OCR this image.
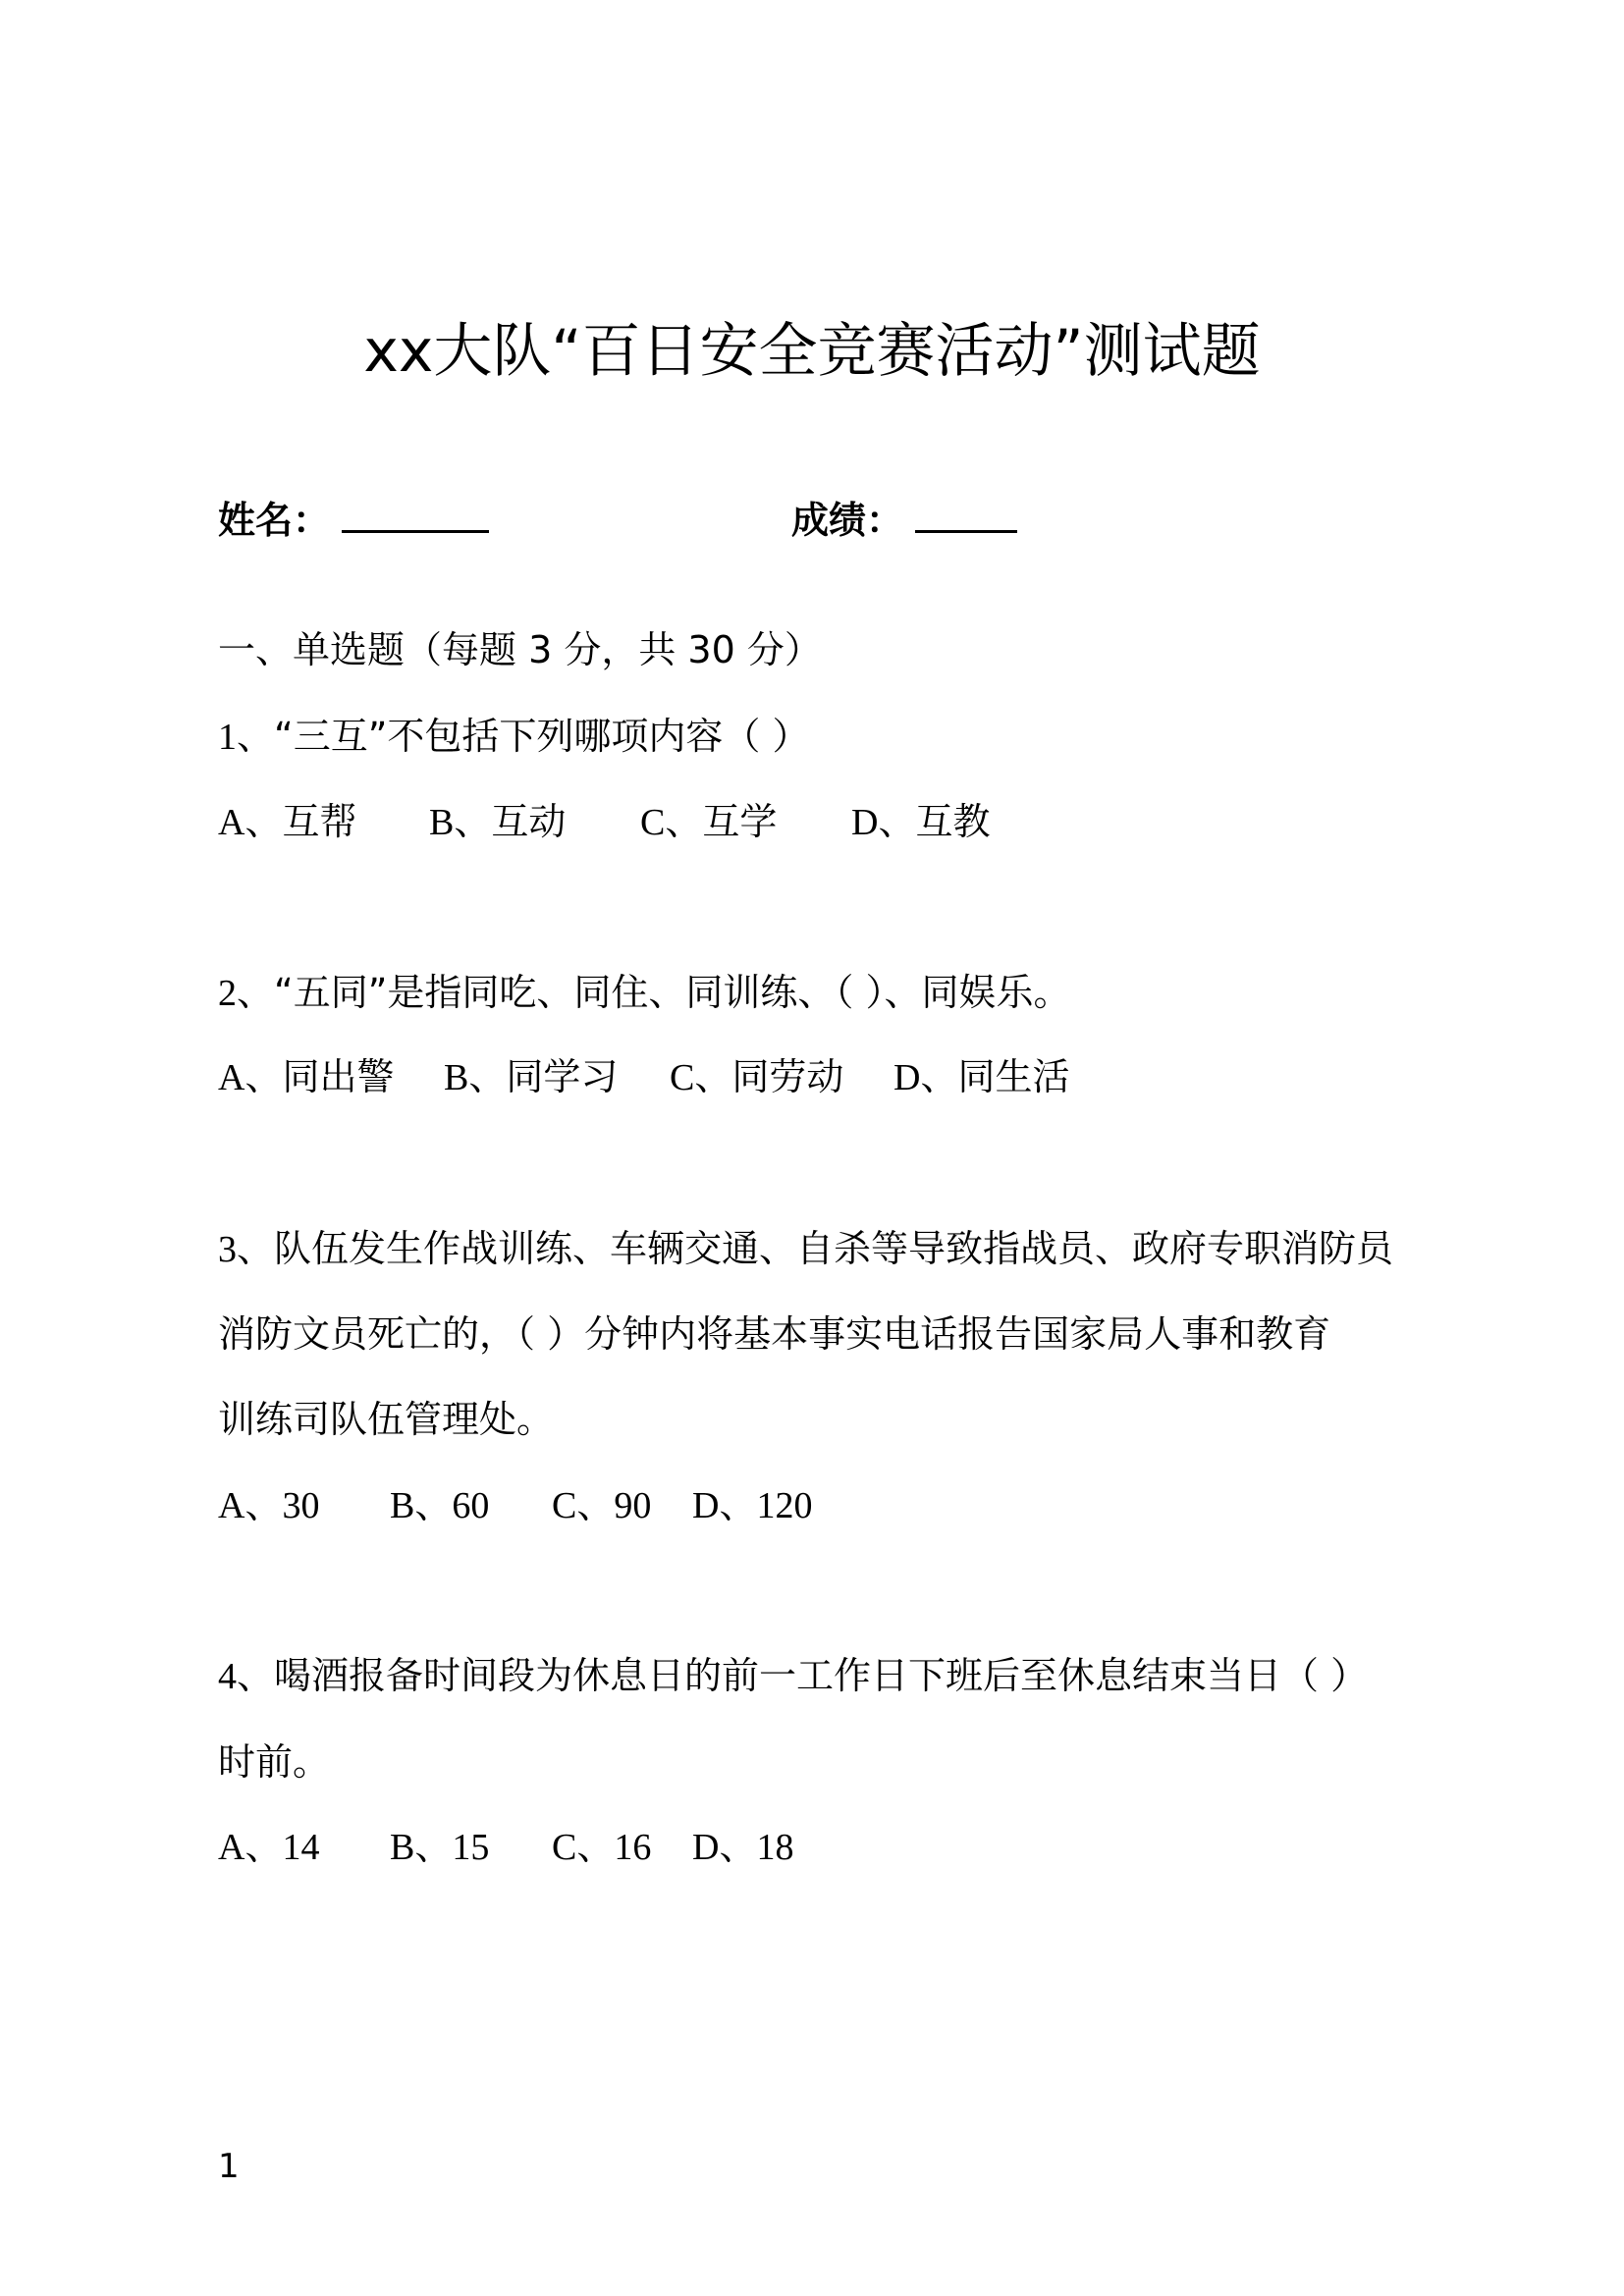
xx大队“百日安全竞赛活动”测试题
姓名：	成绩：
一、单选题（每题 3 分，共 30 分）
1、“三互”不包括下列哪项内容（ ）
A、互帮 B、互动 C、互学 D、互教
2、“五同”是指同吃、同住、同训练、（ ）、同娱乐。
A、同出警 B、同学习 C、同劳动 D、同生活
3、队伍发生作战训练、车辆交通、自杀等导致指战员、政府专职消防员
消防文员死亡的，（ ）分钟内将基本事实电话报告国家局人事和教育
训练司队伍管理处。
A、30 B、60 C、90 D、120
4、喝酒报备时间段为休息日的前一工作日下班后至休息结束当日（ ）
时前。
A、14 B、15 C、16 D、18
1
